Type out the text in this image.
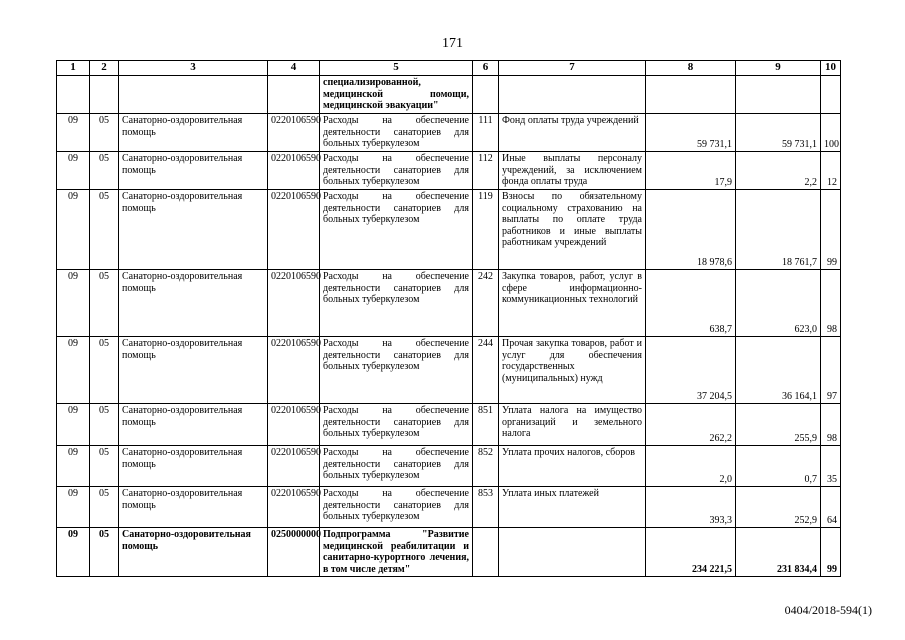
171
1	2	3	4	5	6	7	8	9	10
				специализированной, медицинской помощи, медицинской эвакуации"					
09	05	Санаторно-оздоровительная помощь	0220106590	Расходы на обеспечение деятельности санаториев для больных туберкулезом	111	Фонд оплаты труда учреждений	59 731,1	59 731,1	100
09	05	Санаторно-оздоровительная помощь	0220106590	Расходы на обеспечение деятельности санаториев для больных туберкулезом	112	Иные выплаты персоналу учреждений, за исключением фонда оплаты труда	17,9	2,2	12
09	05	Санаторно-оздоровительная помощь	0220106590	Расходы на обеспечение деятельности санаториев для больных туберкулезом	119	Взносы по обязательному социальному страхованию на выплаты по оплате труда работников и иные выплаты работникам учреждений	18 978,6	18 761,7	99
09	05	Санаторно-оздоровительная помощь	0220106590	Расходы на обеспечение деятельности санаториев для больных туберкулезом	242	Закупка товаров, работ, услуг в сфере информационно-коммуникационных технологий	638,7	623,0	98
09	05	Санаторно-оздоровительная помощь	0220106590	Расходы на обеспечение деятельности санаториев для больных туберкулезом	244	Прочая закупка товаров, работ и услуг для обеспечения государственных (муниципальных) нужд	37 204,5	36 164,1	97
09	05	Санаторно-оздоровительная помощь	0220106590	Расходы на обеспечение деятельности санаториев для больных туберкулезом	851	Уплата налога на имущество организаций и земельного налога	262,2	255,9	98
09	05	Санаторно-оздоровительная помощь	0220106590	Расходы на обеспечение деятельности санаториев для больных туберкулезом	852	Уплата прочих налогов, сборов	2,0	0,7	35
09	05	Санаторно-оздоровительная помощь	0220106590	Расходы на обеспечение деятельности санаториев для больных туберкулезом	853	Уплата иных платежей	393,3	252,9	64
09	05	Санаторно-оздоровительная помощь	0250000000	Подпрограмма "Развитие медицинской реабилитации и санитарно-курортного лечения, в том числе детям"			234 221,5	231 834,4	99
0404/2018-594(1)
